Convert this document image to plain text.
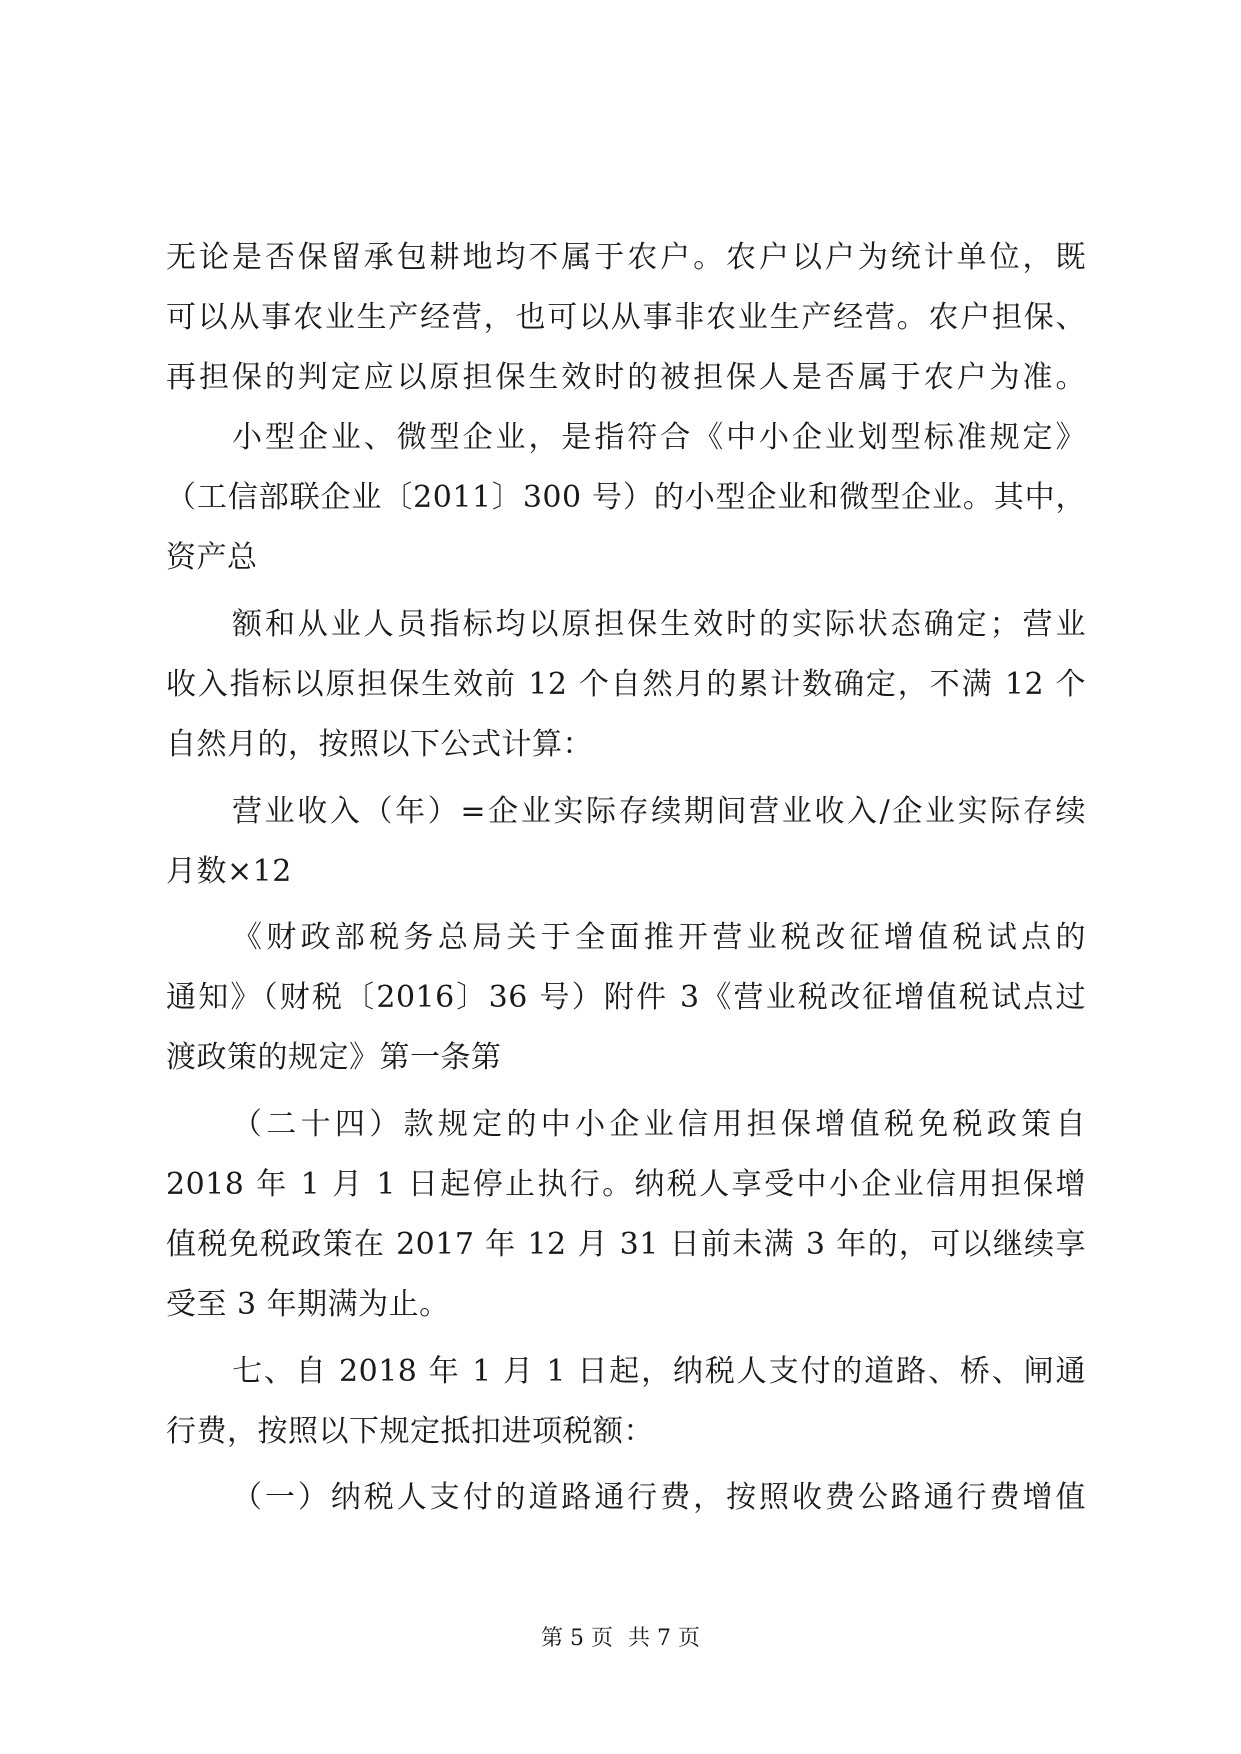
无论是否保留承包耕地均不属于农户。农户以户为统计单位，既
可以从事农业生产经营，也可以从事非农业生产经营。农户担保、
再担保的判定应以原担保生效时的被担保人是否属于农户为准。
小型企业、微型企业，是指符合《中小企业划型标准规定》
（工信部联企业〔2011〕300 号）的小型企业和微型企业。其中，
资产总
额和从业人员指标均以原担保生效时的实际状态确定；营业
收入指标以原担保生效前 12 个自然月的累计数确定，不满 12 个
自然月的，按照以下公式计算：
营业收入（年）=企业实际存续期间营业收入/企业实际存续
月数×12
《财政部税务总局关于全面推开营业税改征增值税试点的
通知》（财税〔2016〕36 号）附件 3《营业税改征增值税试点过
渡政策的规定》第一条第
（二十四）款规定的中小企业信用担保增值税免税政策自
2018 年 1 月 1 日起停止执行。纳税人享受中小企业信用担保增
值税免税政策在 2017 年 12 月 31 日前未满 3 年的，可以继续享
受至 3 年期满为止。
七、自 2018 年 1 月 1 日起，纳税人支付的道路、桥、闸通
行费，按照以下规定抵扣进项税额：
（一）纳税人支付的道路通行费，按照收费公路通行费增值
第 5 页 共 7 页
